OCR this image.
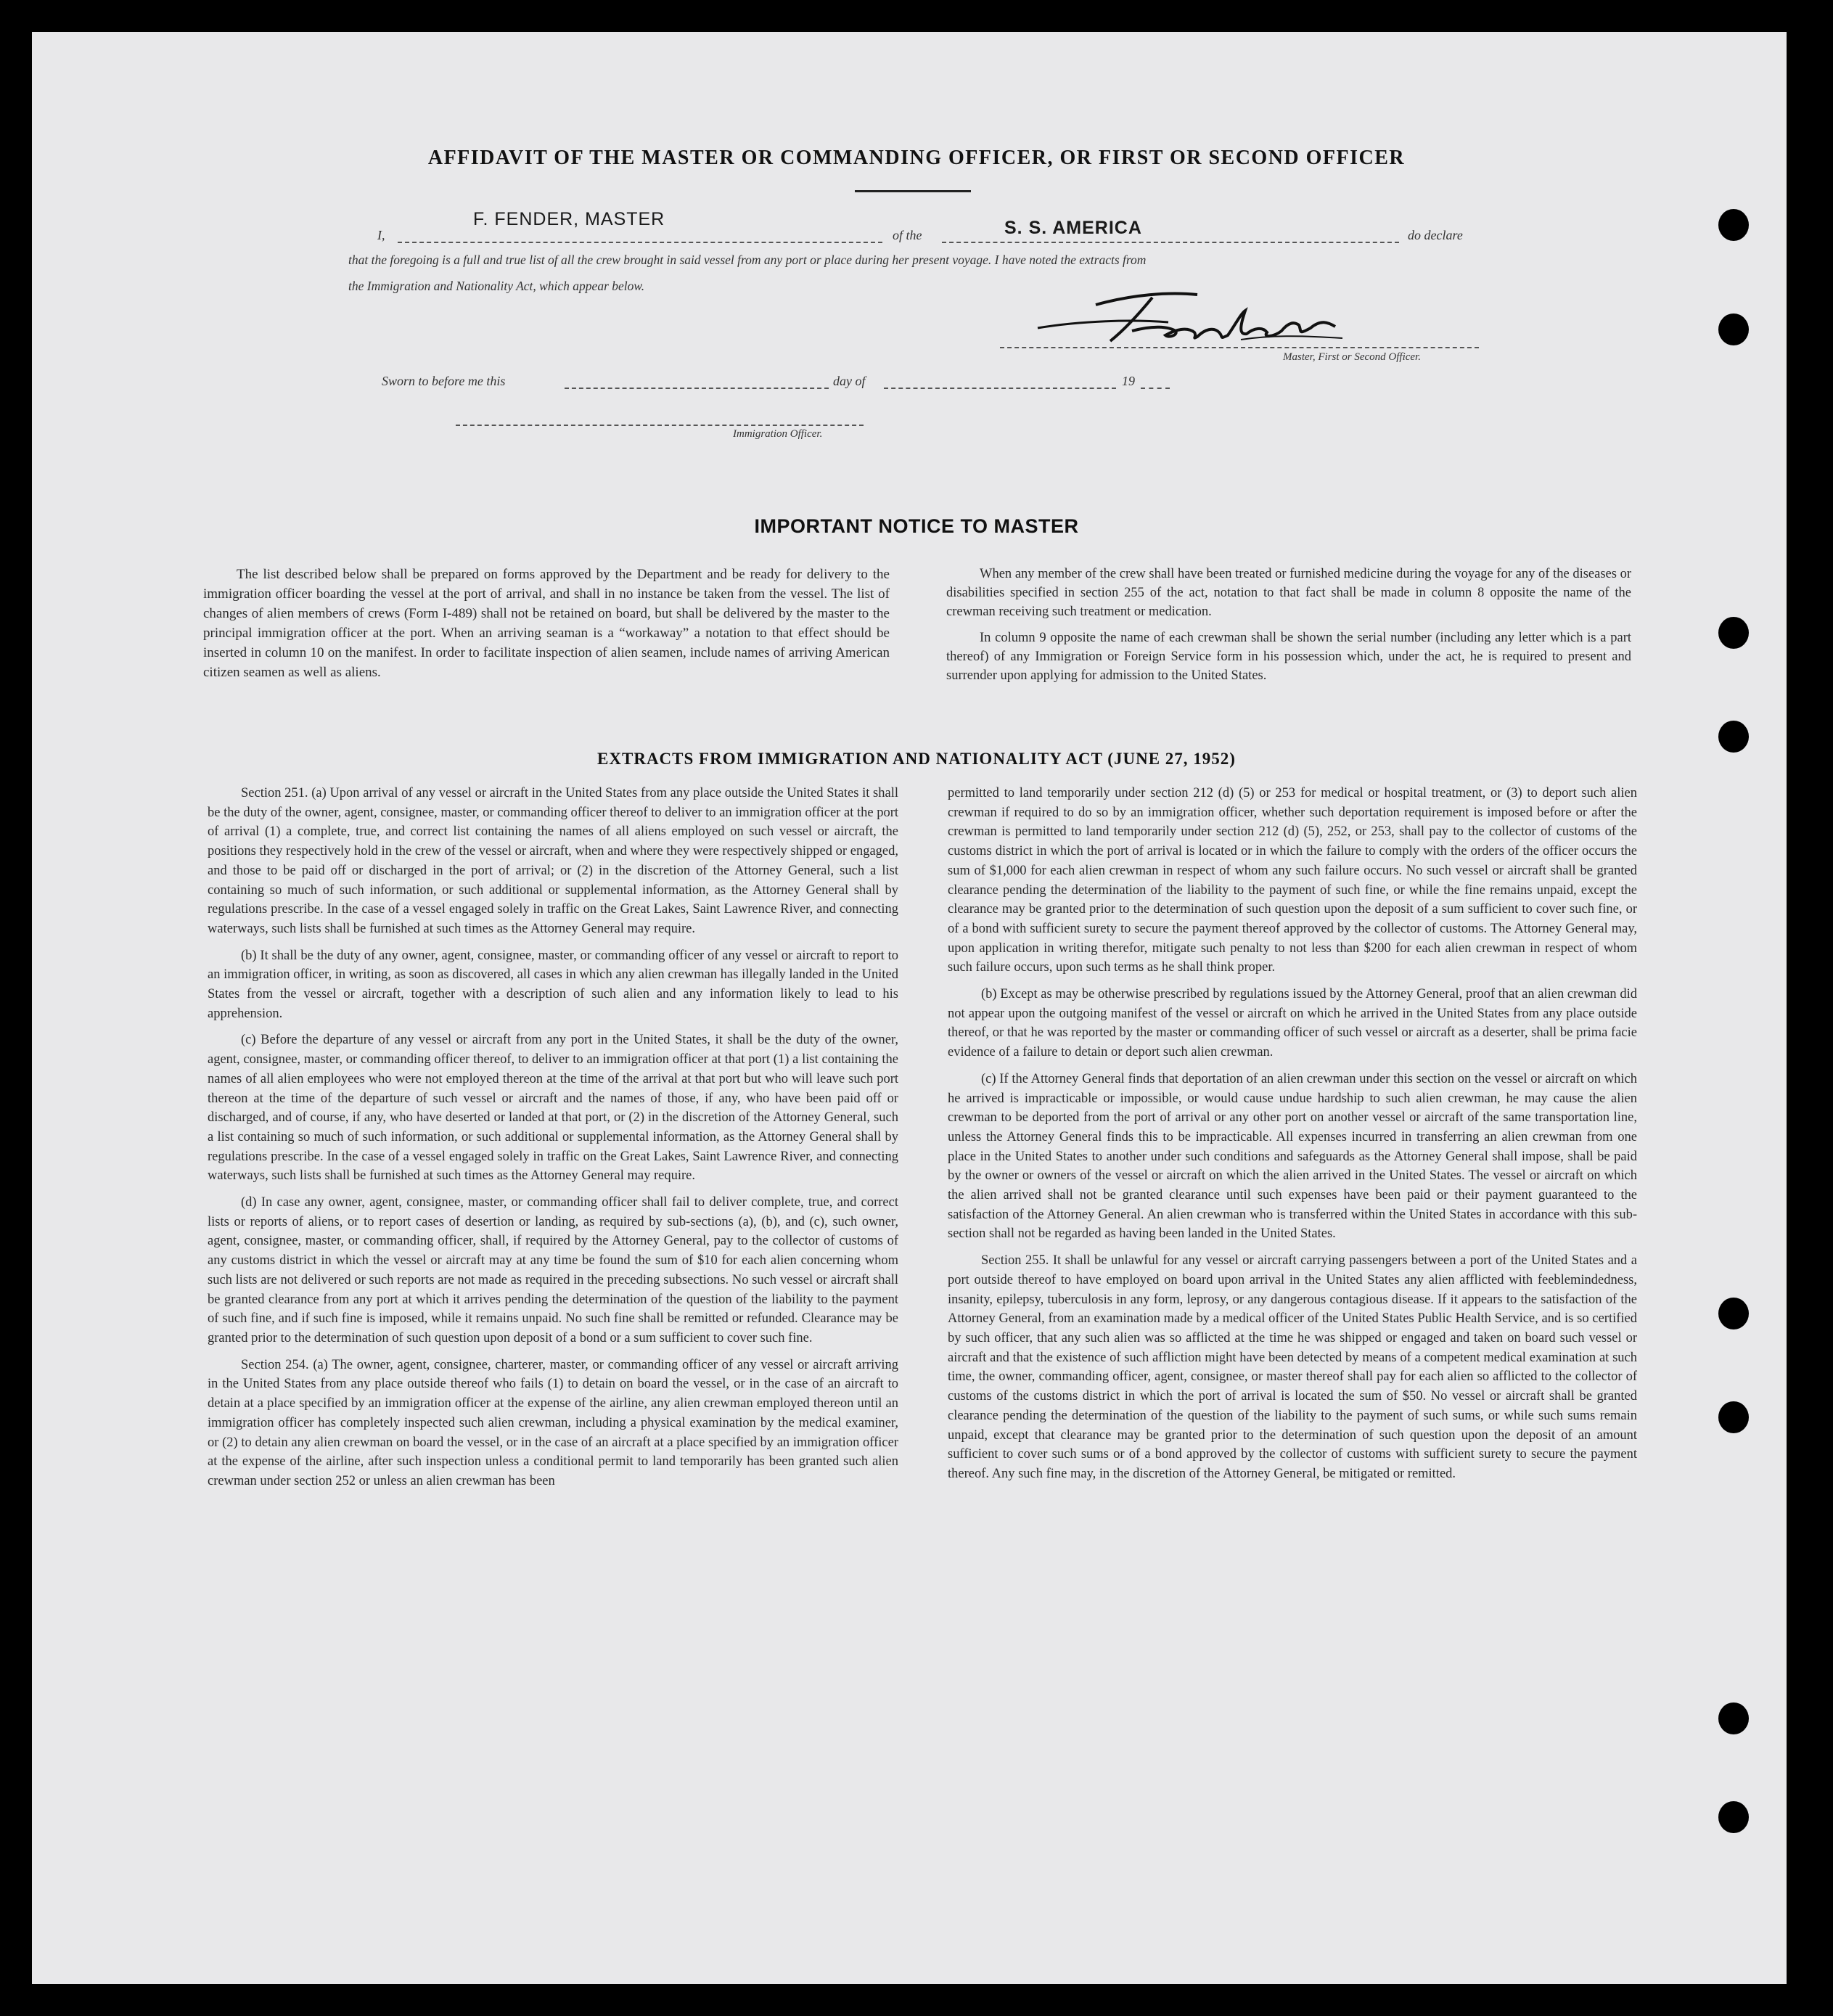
AFFIDAVIT OF THE MASTER OR COMMANDING OFFICER, OR FIRST OR SECOND OFFICER
I,
F. FENDER, MASTER
of the	S. S. AMERICA	do declare
that the foregoing is a full and true list of all the crew brought in said vessel from any port or place during her present voyage. I have noted the extracts from
the Immigration and Nationality Act, which appear below.
Master, First or Second Officer.
Sworn to before me this	day of	19
Immigration Officer.
IMPORTANT NOTICE TO MASTER

The list described below shall be prepared on forms approved by the Department and be ready for delivery to the immigration officer boarding the vessel at the port of arrival, and shall in no instance be taken from the vessel. The list of changes of alien members of crews (Form I-489) shall not be retained on board, but shall be delivered by the master to the principal immigration officer at the port. When an arriving seaman is a “workaway” a notation to that effect should be inserted in column 10 on the manifest. In order to facilitate inspection of alien seamen, include names of arriving American citizen seamen as well as aliens.

When any member of the crew shall have been treated or furnished medicine during the voyage for any of the diseases or disabilities specified in section 255 of the act, notation to that fact shall be made in column 8 opposite the name of the crewman receiving such treatment or medication.

In column 9 opposite the name of each crewman shall be shown the serial number (including any letter which is a part thereof) of any Immigration or Foreign Service form in his possession which, under the act, he is required to present and surrender upon applying for admission to the United States.

EXTRACTS FROM IMMIGRATION AND NATIONALITY ACT (JUNE 27, 1952)

Section 251. (a) Upon arrival of any vessel or aircraft in the United States from any place outside the United States it shall be the duty of the owner, agent, consignee, master, or commanding officer thereof to deliver to an immigration officer at the port of arrival (1) a complete, true, and correct list containing the names of all aliens employed on such vessel or aircraft, the positions they respectively hold in the crew of the vessel or aircraft, when and where they were respectively shipped or engaged, and those to be paid off or discharged in the port of arrival; or (2) in the discretion of the Attorney General, such a list containing so much of such information, or such additional or supplemental information, as the Attorney General shall by regulations prescribe. In the case of a vessel engaged solely in traffic on the Great Lakes, Saint Lawrence River, and connecting waterways, such lists shall be furnished at such times as the Attorney General may require.

(b) It shall be the duty of any owner, agent, consignee, master, or commanding officer of any vessel or aircraft to report to an immigration officer, in writing, as soon as discovered, all cases in which any alien crewman has illegally landed in the United States from the vessel or aircraft, together with a description of such alien and any information likely to lead to his apprehension.

(c) Before the departure of any vessel or aircraft from any port in the United States, it shall be the duty of the owner, agent, consignee, master, or commanding officer thereof, to deliver to an immigration officer at that port (1) a list containing the names of all alien employees who were not employed thereon at the time of the arrival at that port but who will leave such port thereon at the time of the departure of such vessel or aircraft and the names of those, if any, who have been paid off or discharged, and of course, if any, who have deserted or landed at that port, or (2) in the discretion of the Attorney General, such a list containing so much of such information, or such additional or supplemental information, as the Attorney General shall by regulations prescribe. In the case of a vessel engaged solely in traffic on the Great Lakes, Saint Lawrence River, and connecting waterways, such lists shall be furnished at such times as the Attorney General may require.

(d) In case any owner, agent, consignee, master, or commanding officer shall fail to deliver complete, true, and correct lists or reports of aliens, or to report cases of desertion or landing, as required by sub-sections (a), (b), and (c), such owner, agent, consignee, master, or commanding officer, shall, if required by the Attorney General, pay to the collector of customs of any customs district in which the vessel or aircraft may at any time be found the sum of $10 for each alien concerning whom such lists are not delivered or such reports are not made as required in the preceding subsections. No such vessel or aircraft shall be granted clearance from any port at which it arrives pending the determination of the question of the liability to the payment of such fine, and if such fine is imposed, while it remains unpaid. No such fine shall be remitted or refunded. Clearance may be granted prior to the determination of such question upon deposit of a bond or a sum sufficient to cover such fine.

Section 254. (a) The owner, agent, consignee, charterer, master, or commanding officer of any vessel or aircraft arriving in the United States from any place outside thereof who fails (1) to detain on board the vessel, or in the case of an aircraft to detain at a place specified by an immigration officer at the expense of the airline, any alien crewman employed thereon until an immigration officer has completely inspected such alien crewman, including a physical examination by the medical examiner, or (2) to detain any alien crewman on board the vessel, or in the case of an aircraft at a place specified by an immigration officer at the expense of the airline, after such inspection unless a conditional permit to land temporarily has been granted such alien crewman under section 252 or unless an alien crewman has been

permitted to land temporarily under section 212 (d) (5) or 253 for medical or hospital treatment, or (3) to deport such alien crewman if required to do so by an immigration officer, whether such deportation requirement is imposed before or after the crewman is permitted to land temporarily under section 212 (d) (5), 252, or 253, shall pay to the collector of customs of the customs district in which the port of arrival is located or in which the failure to comply with the orders of the officer occurs the sum of $1,000 for each alien crewman in respect of whom any such failure occurs. No such vessel or aircraft shall be granted clearance pending the determination of the liability to the payment of such fine, or while the fine remains unpaid, except the clearance may be granted prior to the determination of such question upon the deposit of a sum sufficient to cover such fine, or of a bond with sufficient surety to secure the payment thereof approved by the collector of customs. The Attorney General may, upon application in writing therefor, mitigate such penalty to not less than $200 for each alien crewman in respect of whom such failure occurs, upon such terms as he shall think proper.

(b) Except as may be otherwise prescribed by regulations issued by the Attorney General, proof that an alien crewman did not appear upon the outgoing manifest of the vessel or aircraft on which he arrived in the United States from any place outside thereof, or that he was reported by the master or commanding officer of such vessel or aircraft as a deserter, shall be prima facie evidence of a failure to detain or deport such alien crewman.

(c) If the Attorney General finds that deportation of an alien crewman under this section on the vessel or aircraft on which he arrived is impracticable or impossible, or would cause undue hardship to such alien crewman, he may cause the alien crewman to be deported from the port of arrival or any other port on another vessel or aircraft of the same transportation line, unless the Attorney General finds this to be impracticable. All expenses incurred in transferring an alien crewman from one place in the United States to another under such conditions and safeguards as the Attorney General shall impose, shall be paid by the owner or owners of the vessel or aircraft on which the alien arrived in the United States. The vessel or aircraft on which the alien arrived shall not be granted clearance until such expenses have been paid or their payment guaranteed to the satisfaction of the Attorney General. An alien crewman who is transferred within the United States in accordance with this sub-section shall not be regarded as having been landed in the United States.

Section 255. It shall be unlawful for any vessel or aircraft carrying passengers between a port of the United States and a port outside thereof to have employed on board upon arrival in the United States any alien afflicted with feeblemindedness, insanity, epilepsy, tuberculosis in any form, leprosy, or any dangerous contagious disease. If it appears to the satisfaction of the Attorney General, from an examination made by a medical officer of the United States Public Health Service, and is so certified by such officer, that any such alien was so afflicted at the time he was shipped or engaged and taken on board such vessel or aircraft and that the existence of such affliction might have been detected by means of a competent medical examination at such time, the owner, commanding officer, agent, consignee, or master thereof shall pay for each alien so afflicted to the collector of customs of the customs district in which the port of arrival is located the sum of $50. No vessel or aircraft shall be granted clearance pending the determination of the question of the liability to the payment of such sums, or while such sums remain unpaid, except that clearance may be granted prior to the determination of such question upon the deposit of an amount sufficient to cover such sums or of a bond approved by the collector of customs with sufficient surety to secure the payment thereof. Any such fine may, in the discretion of the Attorney General, be mitigated or remitted.
